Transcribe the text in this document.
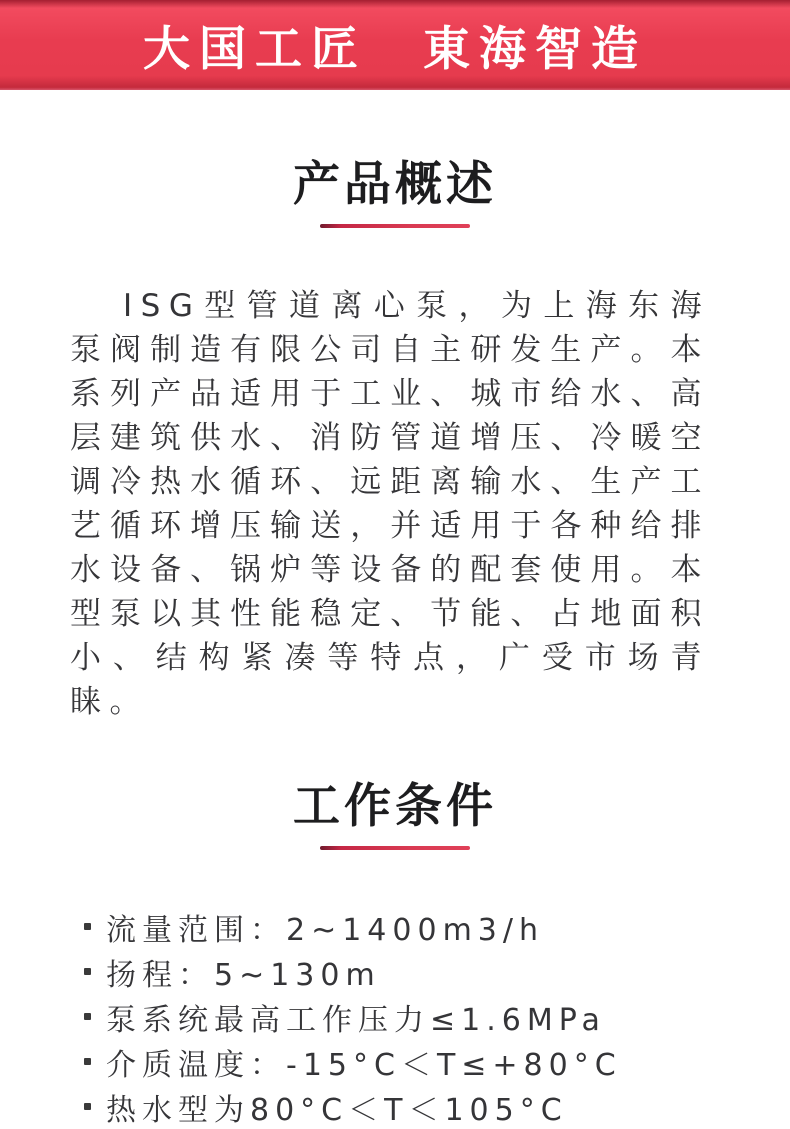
大国工匠　東海智造
产品概述

ISG型管道离心泵，为上海东海泵阀制造有限公司自主研发生产。本系列产品适用于工业、城市给水、高层建筑供水、消防管道增压、冷暖空调冷热水循环、远距离输水、生产工艺循环增压输送，并适用于各种给排水设备、锅炉等设备的配套使用。本型泵以其性能稳定、节能、占地面积小、结构紧凑等特点，广受市场青睐。

工作条件
流量范围：2~1400m3/h
扬程：5~130m
泵系统最高工作压力≤1.6MPa
介质温度：-15°C＜T≤+80°C
热水型为80°C＜T＜105°C
